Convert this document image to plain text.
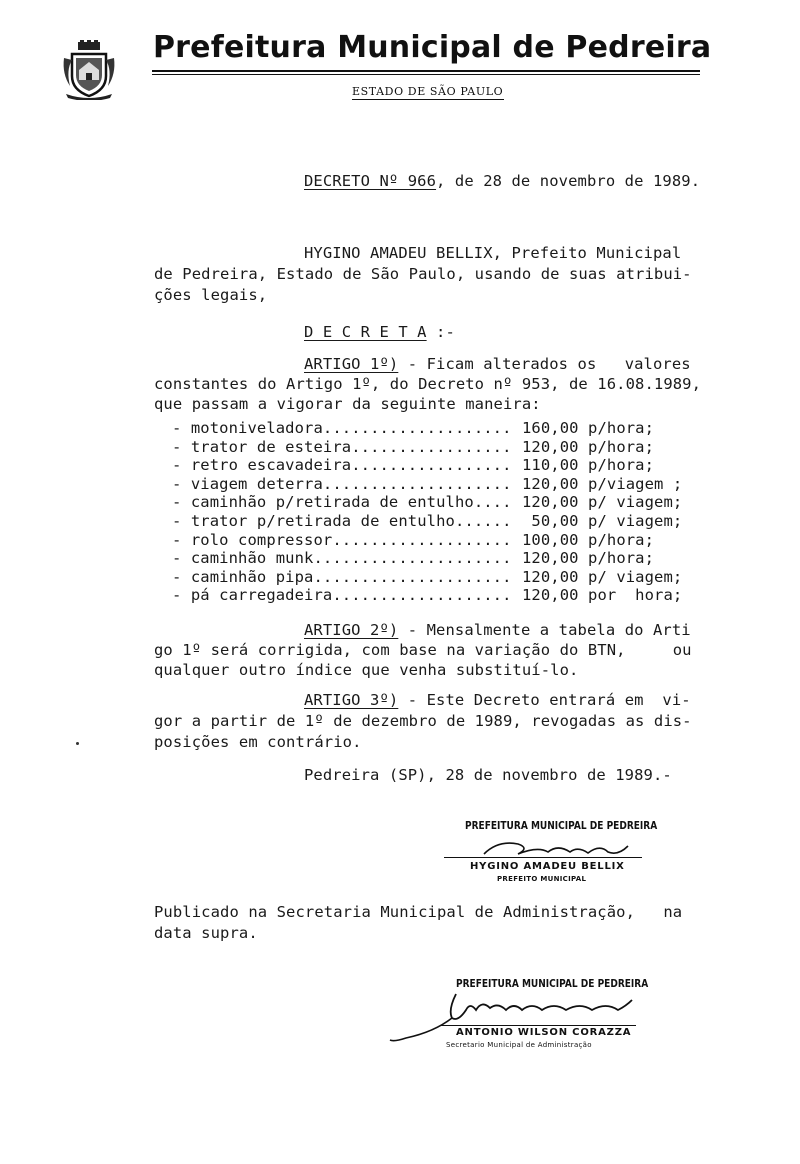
Prefeitura Municipal de Pedreira
ESTADO DE SÃO PAULO
DECRETO Nº 966, de 28 de novembro de 1989.
HYGINO AMADEU BELLIX, Prefeito Municipal
de Pedreira, Estado de São Paulo, usando de suas atribui-
ções legais,
D E C R E T A :-
ARTIGO 1º) - Ficam alterados os   valores
constantes do Artigo 1º, do Decreto nº 953, de 16.08.1989,
que passam a vigorar da seguinte maneira:
- motoniveladora.................... 160,00 p/hora;
- trator de esteira................. 120,00 p/hora;
- retro escavadeira................. 110,00 p/hora;
- viagem deterra.................... 120,00 p/viagem ;
- caminhão p/retirada de entulho.... 120,00 p/ viagem;
- trator p/retirada de entulho...... 50,00 p/ viagem;
- rolo compressor................... 100,00 p/hora;
- caminhão munk..................... 120,00 p/hora;
- caminhão pipa..................... 120,00 p/ viagem;
- pá carregadeira................... 120,00 por  hora;
ARTIGO 2º) - Mensalmente a tabela do Arti
go 1º será corrigida, com base na variação do BTN,     ou
qualquer outro índice que venha substituí-lo.
ARTIGO 3º) - Este Decreto entrará em  vi-
gor a partir de 1º de dezembro de 1989, revogadas as dis-
posições em contrário.
Pedreira (SP), 28 de novembro de 1989.-
PREFEITURA MUNICIPAL DE PEDREIRA
HYGINO AMADEU BELLIX
PREFEITO MUNICIPAL
Publicado na Secretaria Municipal de Administração,   na
data supra.
PREFEITURA MUNICIPAL DE PEDREIRA
ANTONIO WILSON CORAZZA
Secretario Municipal de Administração
